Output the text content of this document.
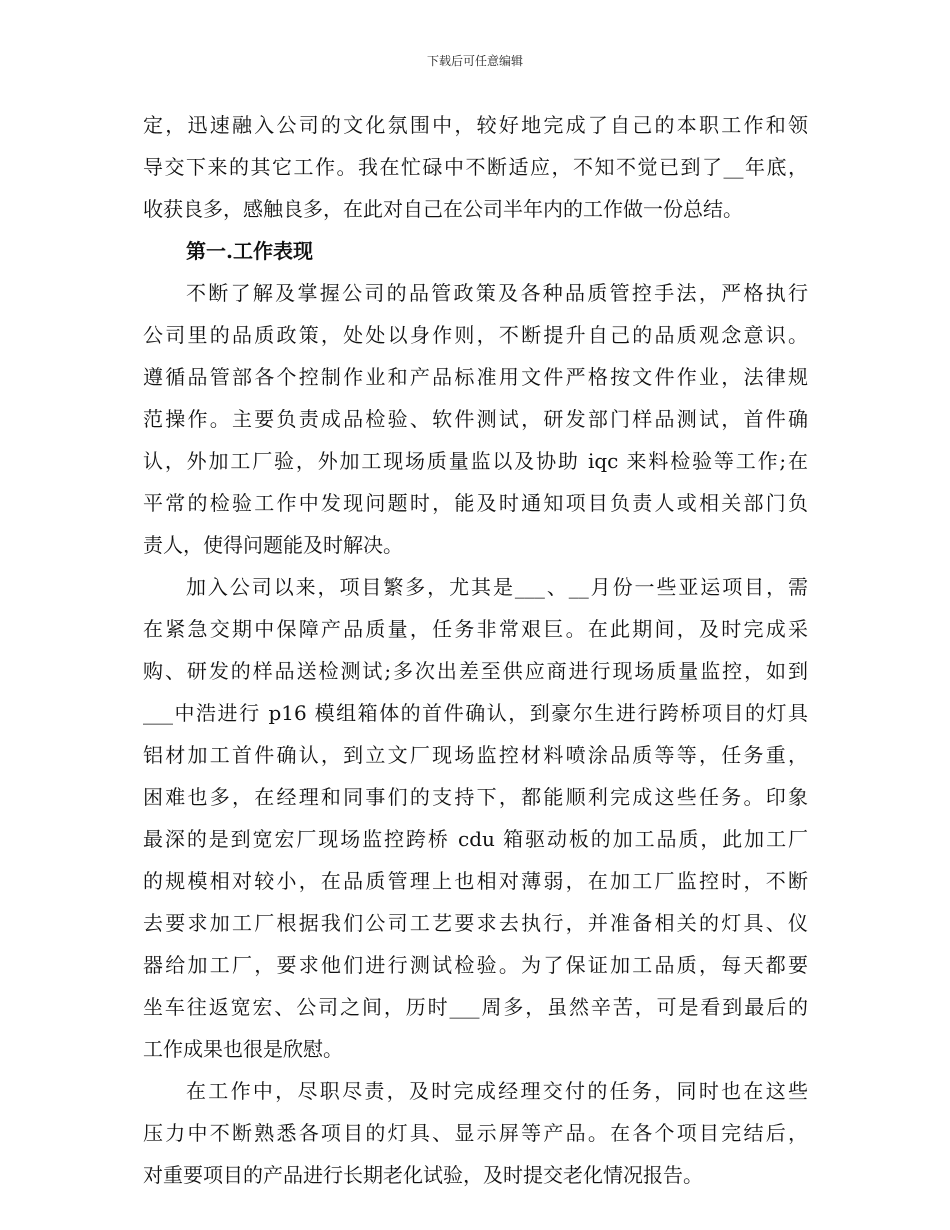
下载后可任意编辑
定，迅速融入公司的文化氛围中，较好地完成了自己的本职工作和领
导交下来的其它工作。我在忙碌中不断适应，不知不觉已到了__年底，
收获良多，感触良多，在此对自己在公司半年内的工作做一份总结。
第一.工作表现
不断了解及掌握公司的品管政策及各种品质管控手法，严格执行
公司里的品质政策，处处以身作则，不断提升自己的品质观念意识。
遵循品管部各个控制作业和产品标准用文件严格按文件作业，法律规
范操作。主要负责成品检验、软件测试，研发部门样品测试，首件确
认，外加工厂验，外加工现场质量监以及协助 iqc 来料检验等工作;在
平常的检验工作中发现问题时，能及时通知项目负责人或相关部门负
责人，使得问题能及时解决。
加入公司以来，项目繁多，尤其是___、__月份一些亚运项目，需
在紧急交期中保障产品质量，任务非常艰巨。在此期间，及时完成采
购、研发的样品送检测试;多次出差至供应商进行现场质量监控，如到
___中浩进行 p16 模组箱体的首件确认，到豪尔生进行跨桥项目的灯具
铝材加工首件确认，到立文厂现场监控材料喷涂品质等等，任务重，
困难也多，在经理和同事们的支持下，都能顺利完成这些任务。印象
最深的是到宽宏厂现场监控跨桥 cdu 箱驱动板的加工品质，此加工厂
的规模相对较小，在品质管理上也相对薄弱，在加工厂监控时，不断
去要求加工厂根据我们公司工艺要求去执行，并准备相关的灯具、仪
器给加工厂，要求他们进行测试检验。为了保证加工品质，每天都要
坐车往返宽宏、公司之间，历时___周多，虽然辛苦，可是看到最后的
工作成果也很是欣慰。
在工作中，尽职尽责，及时完成经理交付的任务，同时也在这些
压力中不断熟悉各项目的灯具、显示屏等产品。在各个项目完结后，
对重要项目的产品进行长期老化试验，及时提交老化情况报告。
